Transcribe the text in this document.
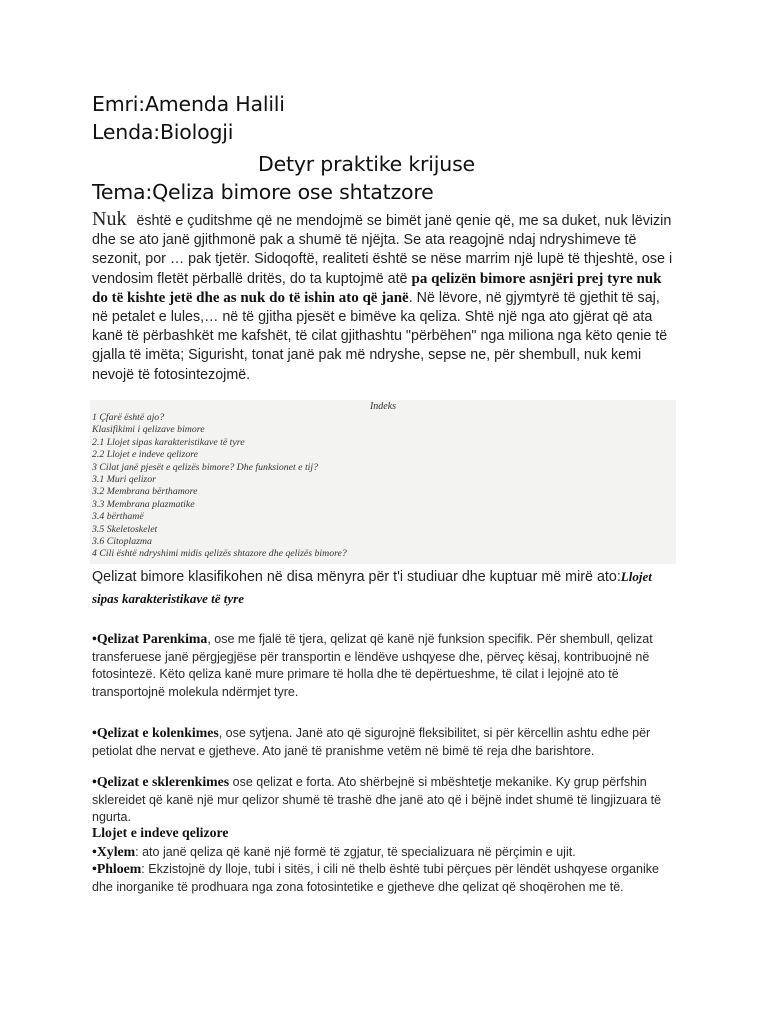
Emri:Amenda Halili
Lenda:Biologji
Detyr praktike krijuse
Tema:Qeliza bimore ose shtatzore
Nuk është e çuditshme që ne mendojmë se bimët janë qenie që, me sa duket, nuk lëvizin dhe se ato janë gjithmonë pak a shumë të njëjta. Se ata reagojnë ndaj ndryshimeve të sezonit, por … pak tjetër. Sidoqoftë, realiteti është se nëse marrim një lupë të thjeshtë, ose i vendosim fletët përballë dritës, do ta kuptojmë atë pa qelizën bimore asnjëri prej tyre nuk do të kishte jetë dhe as nuk do të ishin ato që janë. Në lëvore, në gjymtyrë të gjethit të saj, në petalet e lules,… në të gjitha pjesët e bimëve ka qeliza. Shtë një nga ato gjërat që ata kanë të përbashkët me kafshët, të cilat gjithashtu "përbëhen" nga miliona nga këto qenie të gjalla të imëta; Sigurisht, tonat janë pak më ndryshe, sepse ne, për shembull, nuk kemi nevojë të fotosintezojmë.
Indeks
1 Çfarë është ajo?
Klasifikimi i qelizave bimore
2.1 Llojet sipas karakteristikave të tyre
2.2 Llojet e indeve qelizore
3 Cilat janë pjesët e qelizës bimore? Dhe funksionet e tij?
3.1 Muri qelizor
3.2 Membrana bërthamore
3.3 Membrana plazmatike
3.4 bërthamë
3.5 Skeletoskelet
3.6 Citoplazma
4 Cili është ndryshimi midis qelizës shtazore dhe qelizës bimore?
Qelizat bimore klasifikohen në disa mënyra për t'i studiuar dhe kuptuar më mirë ato:Llojet sipas karakteristikave të tyre
•Qelizat Parenkima, ose me fjalë të tjera, qelizat që kanë një funksion specifik. Për shembull, qelizat transferuese janë përgjegjëse për transportin e lëndëve ushqyese dhe, përveç kësaj, kontribuojnë në fotosintezë. Këto qeliza kanë mure primare të holla dhe të depërtueshme, të cilat i lejojnë ato të transportojnë molekula ndërmjet tyre.
•Qelizat e kolenkimes, ose sytjena. Janë ato që sigurojnë fleksibilitet, si për kërcellin ashtu edhe për petiolat dhe nervat e gjetheve. Ato janë të pranishme vetëm në bimë të reja dhe barishtore.
•Qelizat e sklerenkimes ose qelizat e forta. Ato shërbejnë si mbështetje mekanike. Ky grup përfshin sklereidet që kanë një mur qelizor shumë të trashë dhe janë ato që i bëjnë indet shumë të lingjizuara të ngurta.
Llojet e indeve qelizore
•Xylem: ato janë qeliza që kanë një formë të zgjatur, të specializuara në përçimin e ujit.
•Phloem: Ekzistojnë dy lloje, tubi i sitës, i cili në thelb është tubi përçues për lëndët ushqyese organike dhe inorganike të prodhuara nga zona fotosintetike e gjetheve dhe qelizat që shoqërohen me të.
